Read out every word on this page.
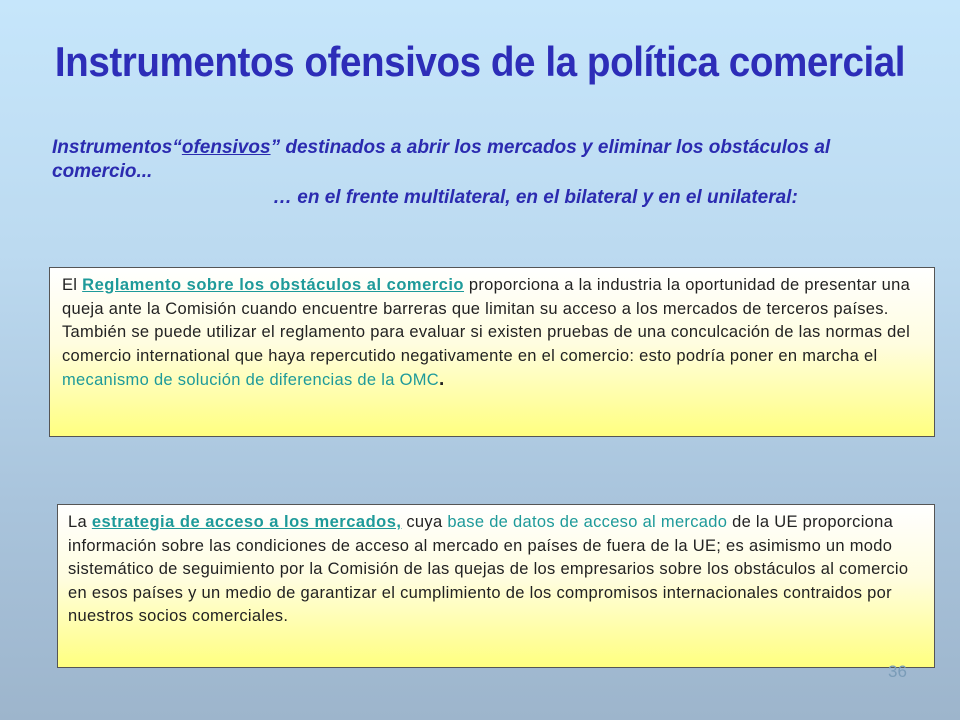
Instrumentos ofensivos de la política comercial
Instrumentos“ofensivos” destinados a abrir los mercados y eliminar los obstáculos al comercio...
… en el frente multilateral, en el bilateral y en el unilateral:
El Reglamento sobre los obstáculos al comercio proporciona a la industria la oportunidad de presentar una queja ante la Comisión cuando encuentre barreras que limitan su acceso a los mercados de terceros países. También se puede utilizar el reglamento para evaluar si existen pruebas de una conculcación de las normas del comercio international que haya repercutido negativamente en el comercio: esto podría poner en marcha el mecanismo de solución de diferencias de la OMC.
La estrategia de acceso a los mercados, cuya base de datos de acceso al mercado de la UE proporciona información sobre las condiciones de acceso al mercado en países de fuera de la UE; es asimismo un modo sistemático de seguimiento por la Comisión de las quejas de los empresarios sobre los obstáculos al comercio en esos países y un medio de garantizar el cumplimiento de los compromisos internacionales contraidos por nuestros socios comerciales.
36
